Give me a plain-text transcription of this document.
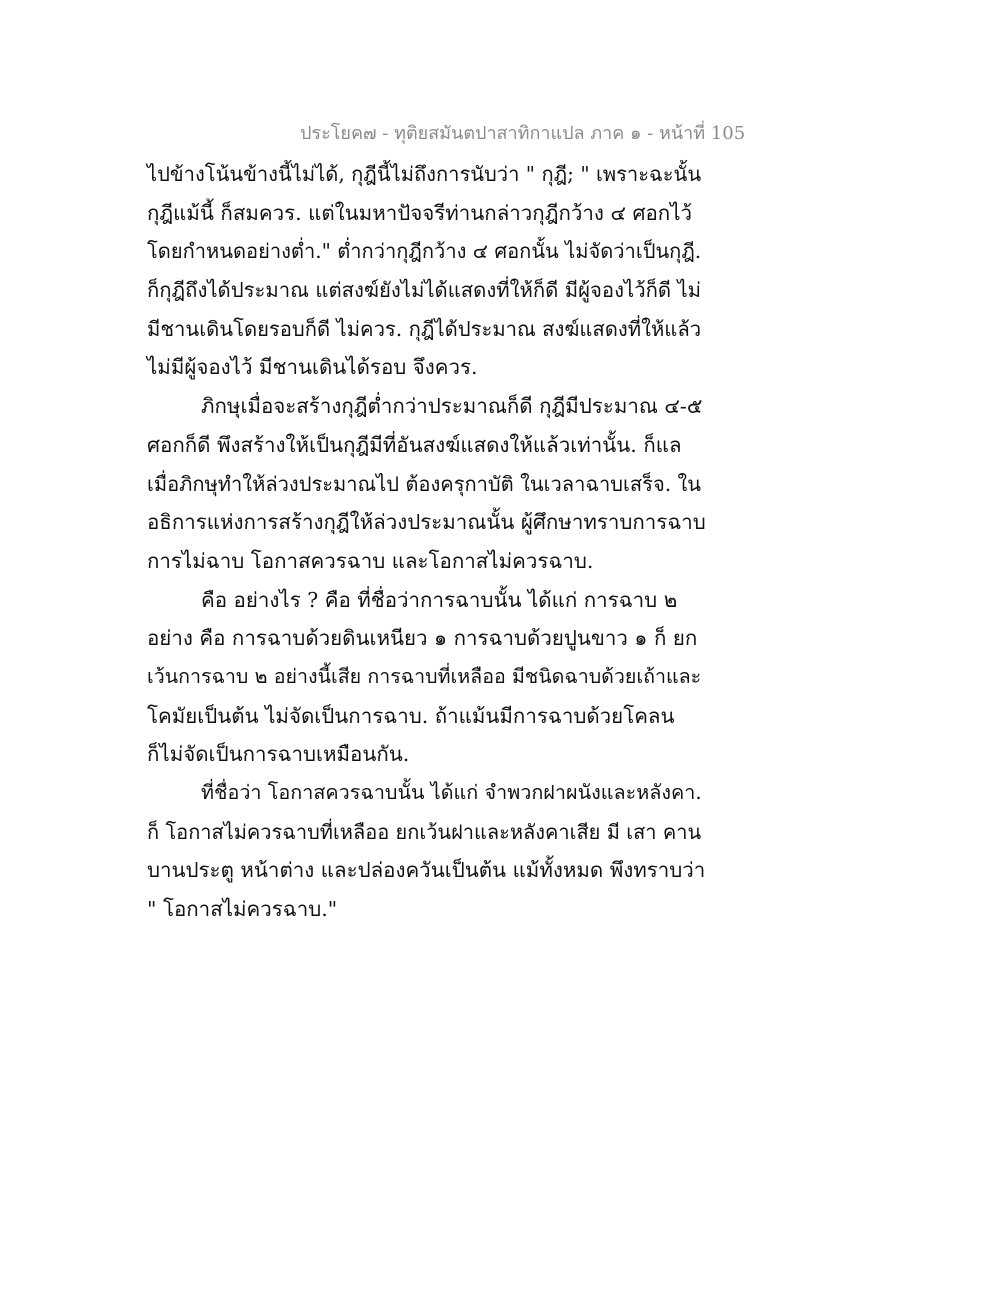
ประโยค๗ - ทุติยสมันตปาสาทิกาแปล ภาค ๑ - หน้าที่ 105
ไปข้างโน้นข้างนี้ไม่ได้, กุฎีนี้ไม่ถึงการนับว่า " กุฎี; " เพราะฉะนั้น
กุฎีแม้นี้ ก็สมควร. แต่ในมหาปัจจรีท่านกล่าวกุฎีกว้าง ๔ ศอกไว้
โดยกำหนดอย่างต่ำ." ต่ำกว่ากุฎีกว้าง ๔ ศอกนั้น ไม่จัดว่าเป็นกุฎี.
ก็กุฎีถึงได้ประมาณ แต่สงฆ์ยังไม่ได้แสดงที่ให้ก็ดี มีผู้จองไว้ก็ดี ไม่
มีชานเดินโดยรอบก็ดี ไม่ควร. กุฎีได้ประมาณ สงฆ์แสดงที่ให้แล้ว
ไม่มีผู้จองไว้ มีชานเดินได้รอบ จึงควร.
ภิกษุเมื่อจะสร้างกุฎีต่ำกว่าประมาณก็ดี กุฎีมีประมาณ ๔-๕
ศอกก็ดี พึงสร้างให้เป็นกุฎีมีที่อันสงฆ์แสดงให้แล้วเท่านั้น. ก็แล
เมื่อภิกษุทำให้ล่วงประมาณไป ต้องครุกาบัติ ในเวลาฉาบเสร็จ. ใน
อธิการแห่งการสร้างกุฎีให้ล่วงประมาณนั้น ผู้ศึกษาทราบการฉาบ
การไม่ฉาบ โอกาสควรฉาบ และโอกาสไม่ควรฉาบ.
คือ อย่างไร ? คือ ที่ชื่อว่าการฉาบนั้น ได้แก่ การฉาบ ๒
อย่าง คือ การฉาบด้วยดินเหนียว ๑ การฉาบด้วยปูนขาว ๑ ก็ ยก
เว้นการฉาบ ๒ อย่างนี้เสีย การฉาบที่เหลืออ มีชนิดฉาบด้วยเถ้าและ
โคมัยเป็นต้น ไม่จัดเป็นการฉาบ. ถ้าแม้นมีการฉาบด้วยโคลน
ก็ไม่จัดเป็นการฉาบเหมือนกัน.
ที่ชื่อว่า โอกาสควรฉาบนั้น ได้แก่ จำพวกฝาผนังและหลังคา.
ก็ โอกาสไม่ควรฉาบที่เหลืออ ยกเว้นฝาและหลังคาเสีย มี เสา คาน
บานประตู หน้าต่าง และปล่องควันเป็นต้น แม้ทั้งหมด พึงทราบว่า
" โอกาสไม่ควรฉาบ."
